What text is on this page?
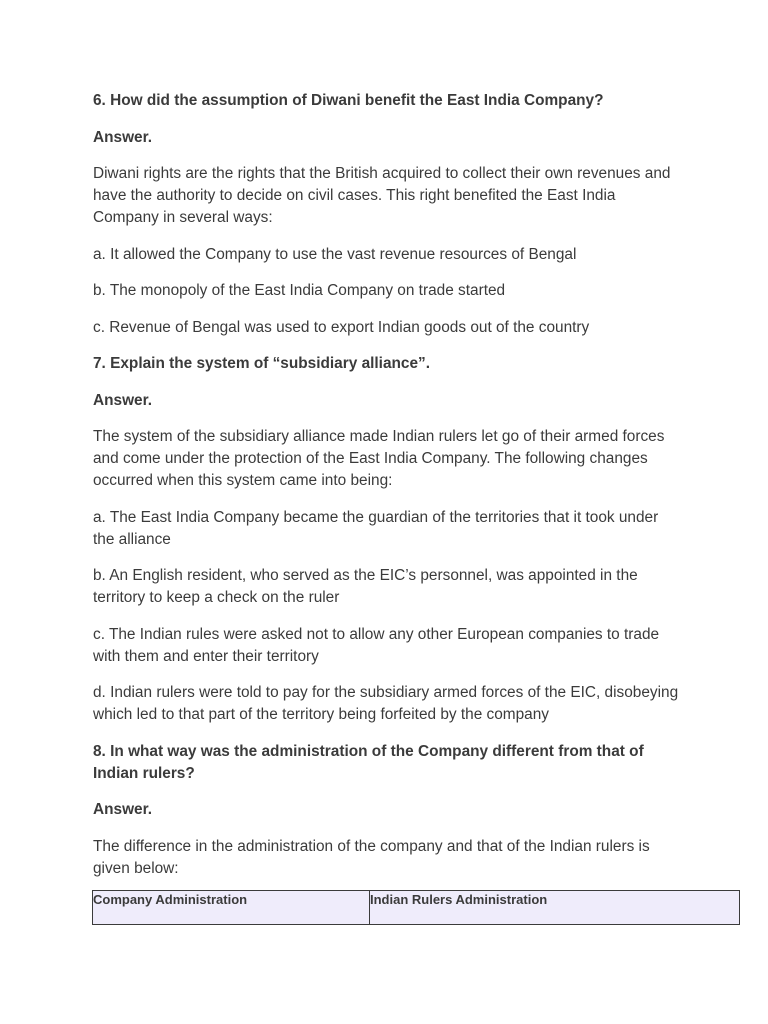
6. How did the assumption of Diwani benefit the East India Company?

Answer.

Diwani rights are the rights that the British acquired to collect their own revenues and have the authority to decide on civil cases. This right benefited the East India Company in several ways:

a. It allowed the Company to use the vast revenue resources of Bengal

b. The monopoly of the East India Company on trade started

c. Revenue of Bengal was used to export Indian goods out of the country

7. Explain the system of “subsidiary alliance”.

Answer.

The system of the subsidiary alliance made Indian rulers let go of their armed forces and come under the protection of the East India Company. The following changes occurred when this system came into being:

a. The East India Company became the guardian of the territories that it took under the alliance

b. An English resident, who served as the EIC’s personnel, was appointed in the territory to keep a check on the ruler

c. The Indian rules were asked not to allow any other European companies to trade with them and enter their territory

d. Indian rulers were told to pay for the subsidiary armed forces of the EIC, disobeying which led to that part of the territory being forfeited by the company

8. In what way was the administration of the Company different from that of Indian rulers?

Answer.

The difference in the administration of the company and that of the Indian rulers is given below:

Company Administration	Indian Rulers Administration
